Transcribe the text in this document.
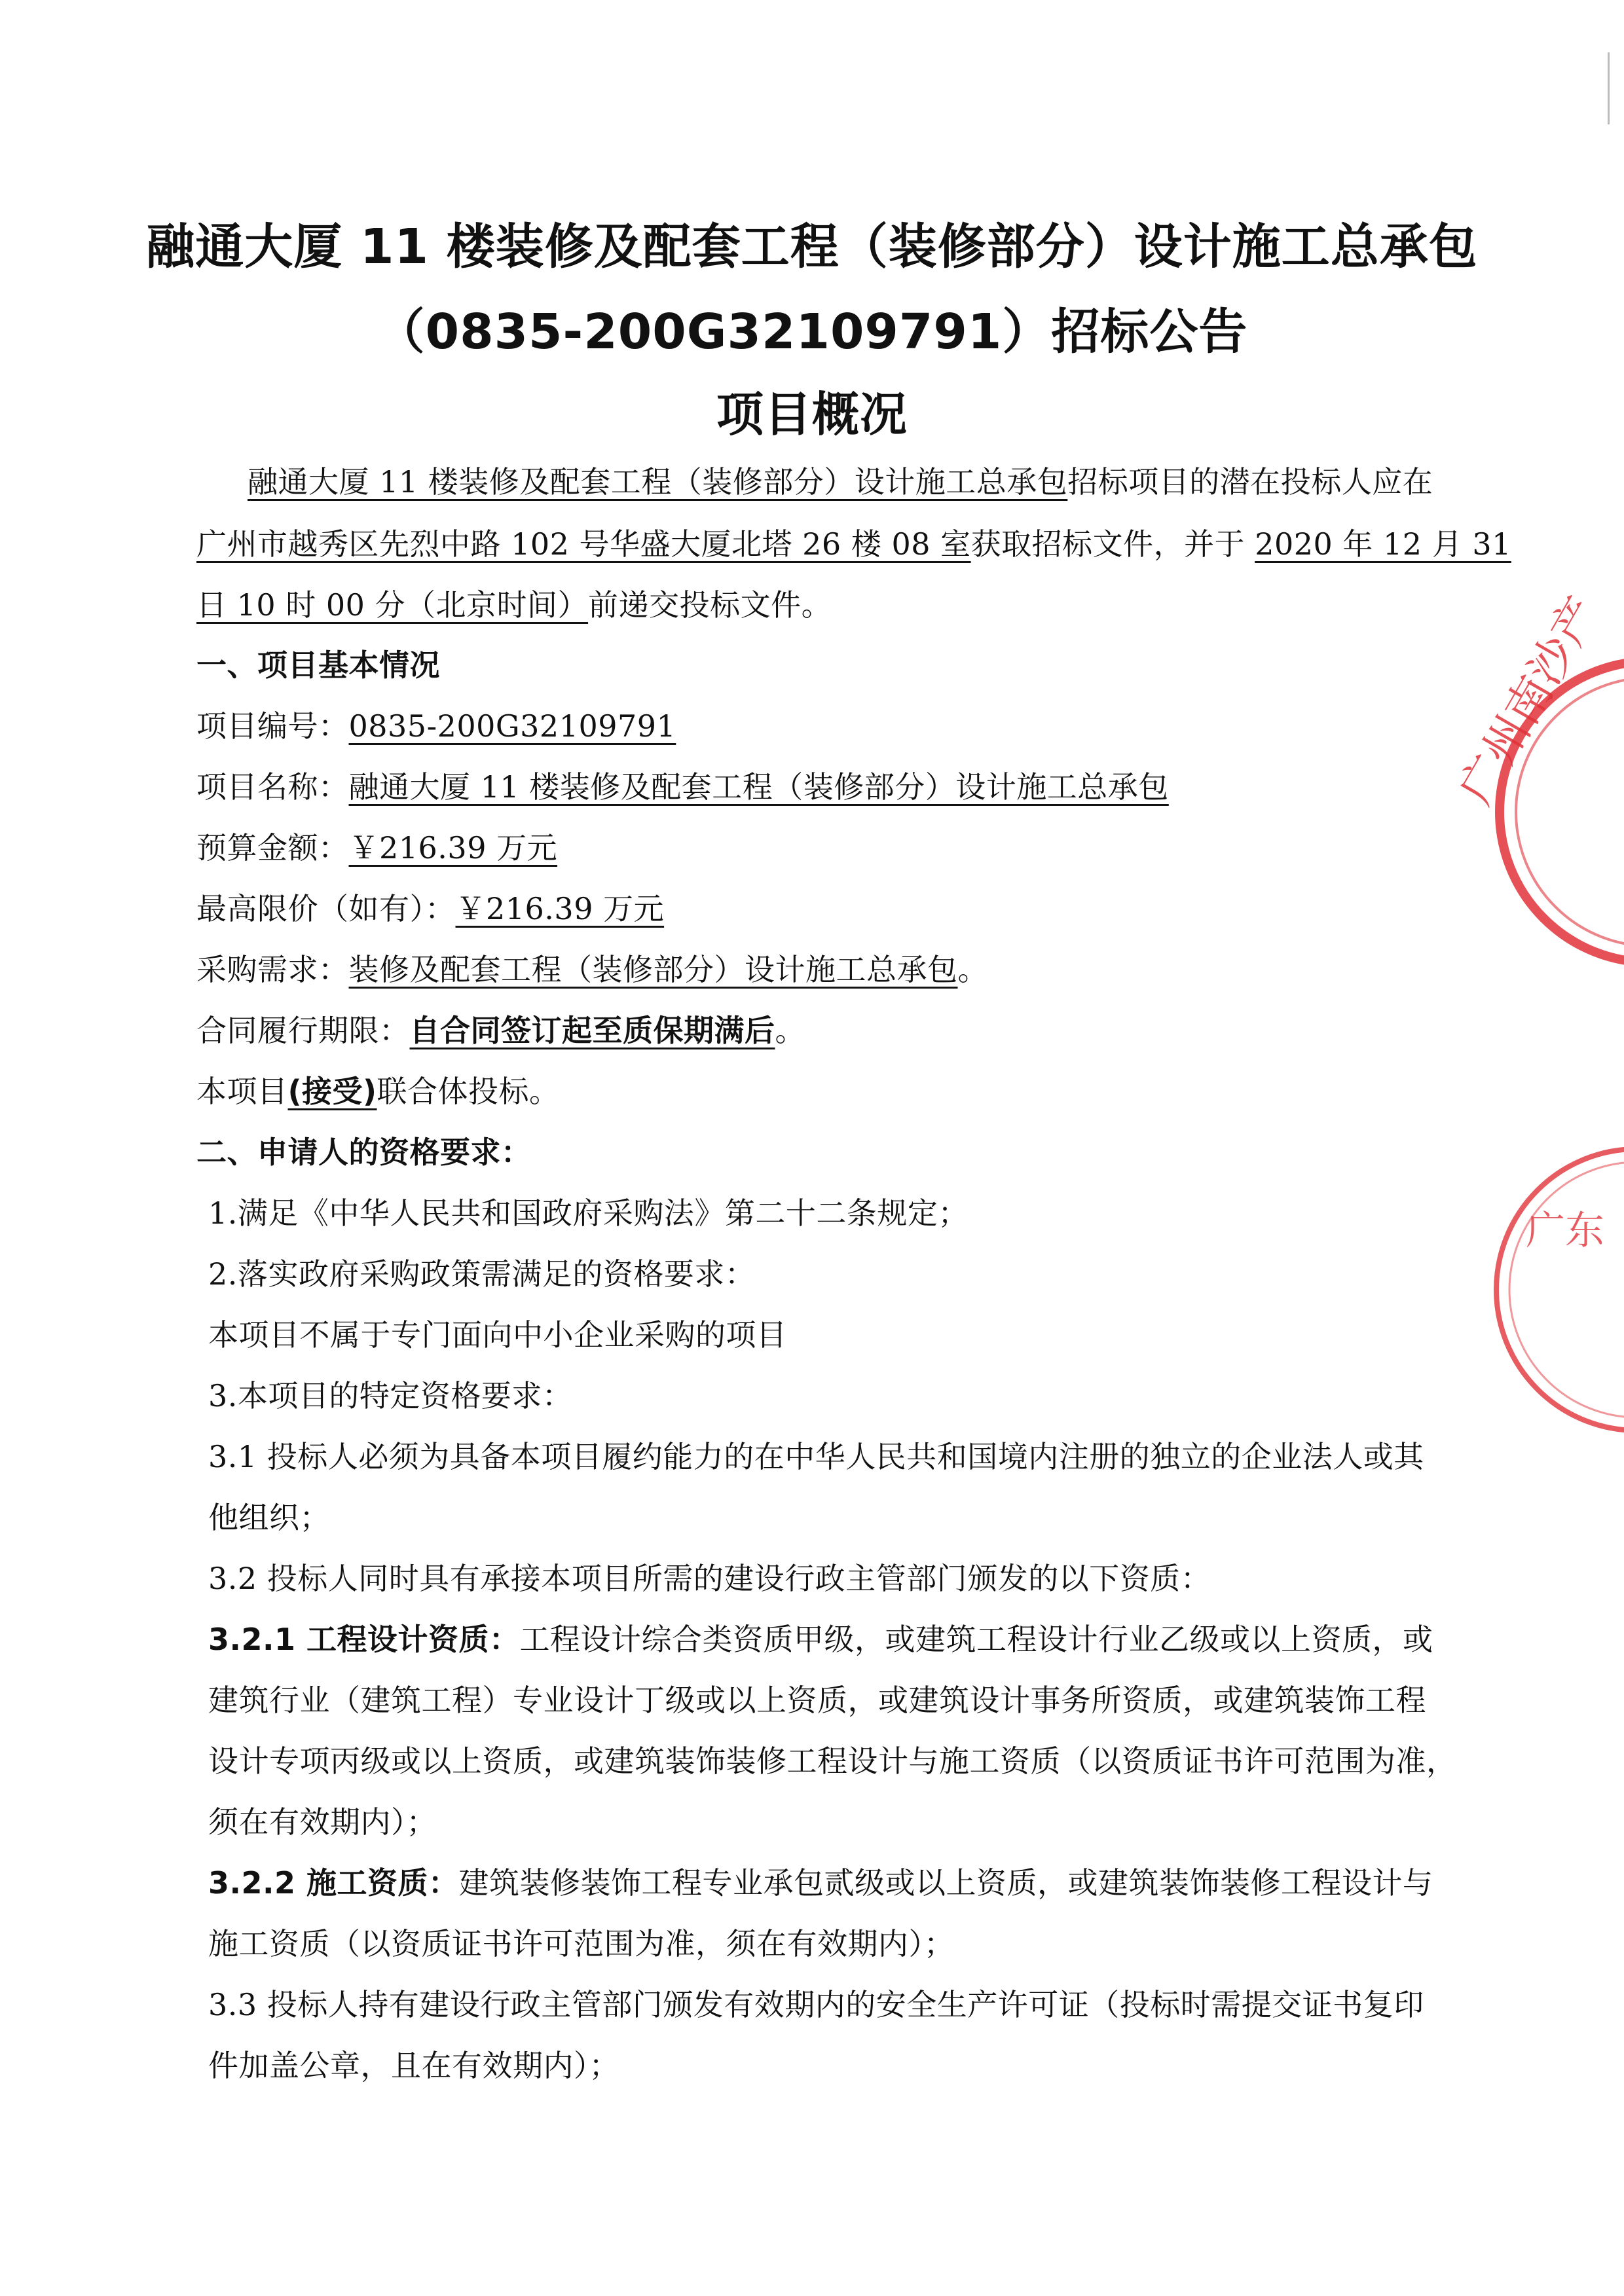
融通大厦 11 楼装修及配套工程（装修部分）设计施工总承包
（0835-200G32109791）招标公告
项目概况
融通大厦 11 楼装修及配套工程（装修部分）设计施工总承包招标项目的潜在投标人应在
广州市越秀区先烈中路 102 号华盛大厦北塔 26 楼 08 室获取招标文件，并于 2020 年 12 月 31
日 10 时 00 分（北京时间）前递交投标文件。
一、项目基本情况
项目编号：0835-200G32109791
项目名称：融通大厦 11 楼装修及配套工程（装修部分）设计施工总承包
预算金额：￥216.39 万元
最高限价（如有）：￥216.39 万元
采购需求：装修及配套工程（装修部分）设计施工总承包。
合同履行期限：自合同签订起至质保期满后。
本项目(接受)联合体投标。
二、申请人的资格要求：
1.满足《中华人民共和国政府采购法》第二十二条规定；
2.落实政府采购政策需满足的资格要求：
本项目不属于专门面向中小企业采购的项目
3.本项目的特定资格要求：
3.1 投标人必须为具备本项目履约能力的在中华人民共和国境内注册的独立的企业法人或其
他组织；
3.2 投标人同时具有承接本项目所需的建设行政主管部门颁发的以下资质：
3.2.1 工程设计资质：工程设计综合类资质甲级，或建筑工程设计行业乙级或以上资质，或
建筑行业（建筑工程）专业设计丁级或以上资质，或建筑设计事务所资质，或建筑装饰工程
设计专项丙级或以上资质，或建筑装饰装修工程设计与施工资质（以资质证书许可范围为准，
须在有效期内）；
3.2.2 施工资质：建筑装修装饰工程专业承包贰级或以上资质，或建筑装饰装修工程设计与
施工资质（以资质证书许可范围为准，须在有效期内）；
3.3 投标人持有建设行政主管部门颁发有效期内的安全生产许可证（投标时需提交证书复印
件加盖公章，且在有效期内）；
广州南沙产
广东
